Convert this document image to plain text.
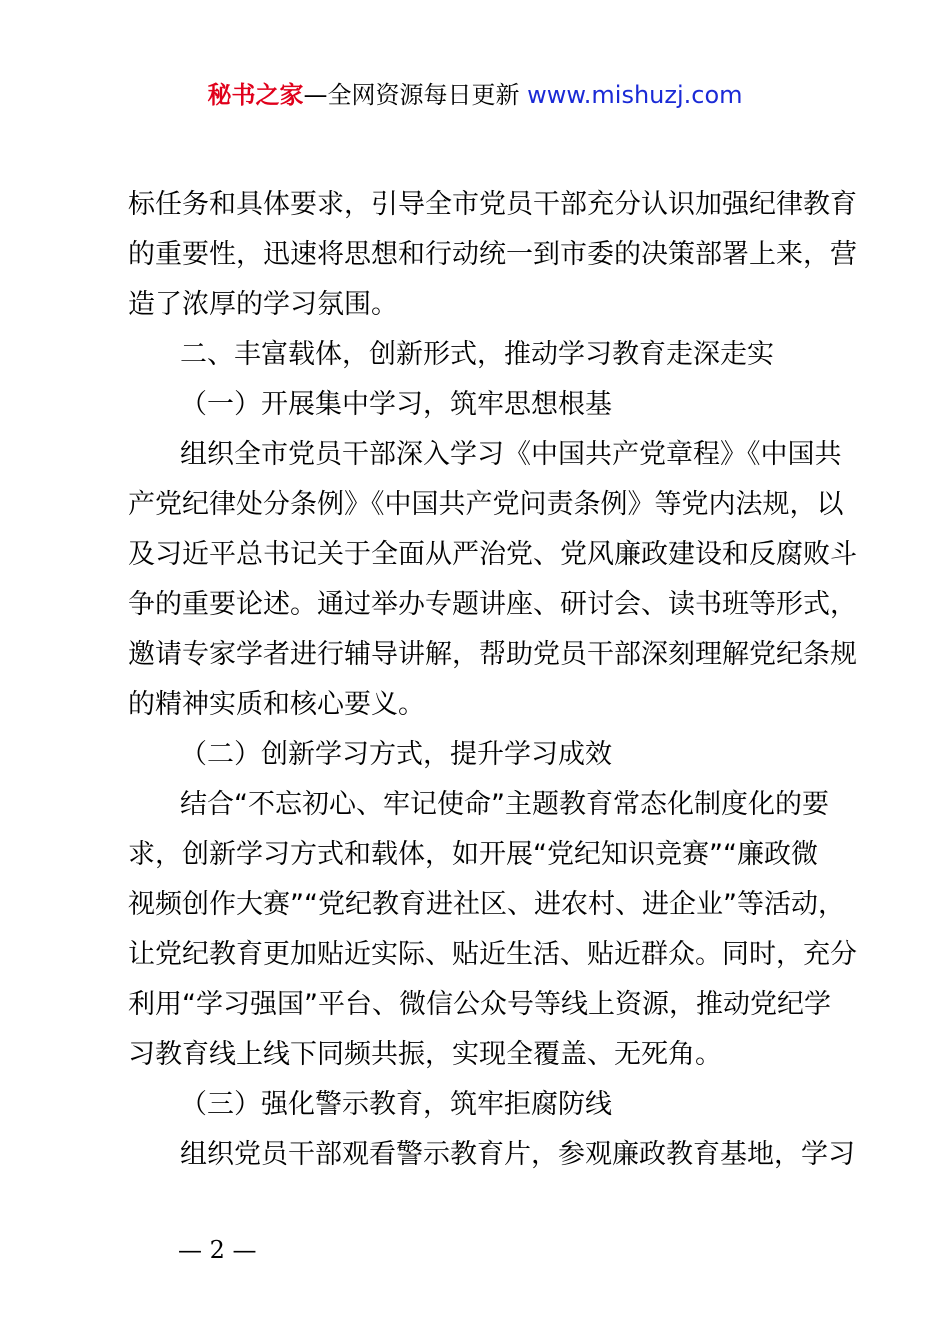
秘书之家—全网资源每日更新 www.mishuzj.com
标任务和具体要求，引导全市党员干部充分认识加强纪律教育
的重要性，迅速将思想和行动统一到市委的决策部署上来，营
造了浓厚的学习氛围。
二、丰富载体，创新形式，推动学习教育走深走实
（一）开展集中学习，筑牢思想根基
组织全市党员干部深入学习《中国共产党章程》《中国共
产党纪律处分条例》《中国共产党问责条例》等党内法规，以
及习近平总书记关于全面从严治党、党风廉政建设和反腐败斗
争的重要论述。通过举办专题讲座、研讨会、读书班等形式，
邀请专家学者进行辅导讲解，帮助党员干部深刻理解党纪条规
的精神实质和核心要义。
（二）创新学习方式，提升学习成效
结合“不忘初心、牢记使命”主题教育常态化制度化的要
求，创新学习方式和载体，如开展“党纪知识竞赛”“廉政微
视频创作大赛”“党纪教育进社区、进农村、进企业”等活动，
让党纪教育更加贴近实际、贴近生活、贴近群众。同时，充分
利用“学习强国”平台、微信公众号等线上资源，推动党纪学
习教育线上线下同频共振，实现全覆盖、无死角。
（三）强化警示教育，筑牢拒腐防线
组织党员干部观看警示教育片，参观廉政教育基地，学习
— 2 —
